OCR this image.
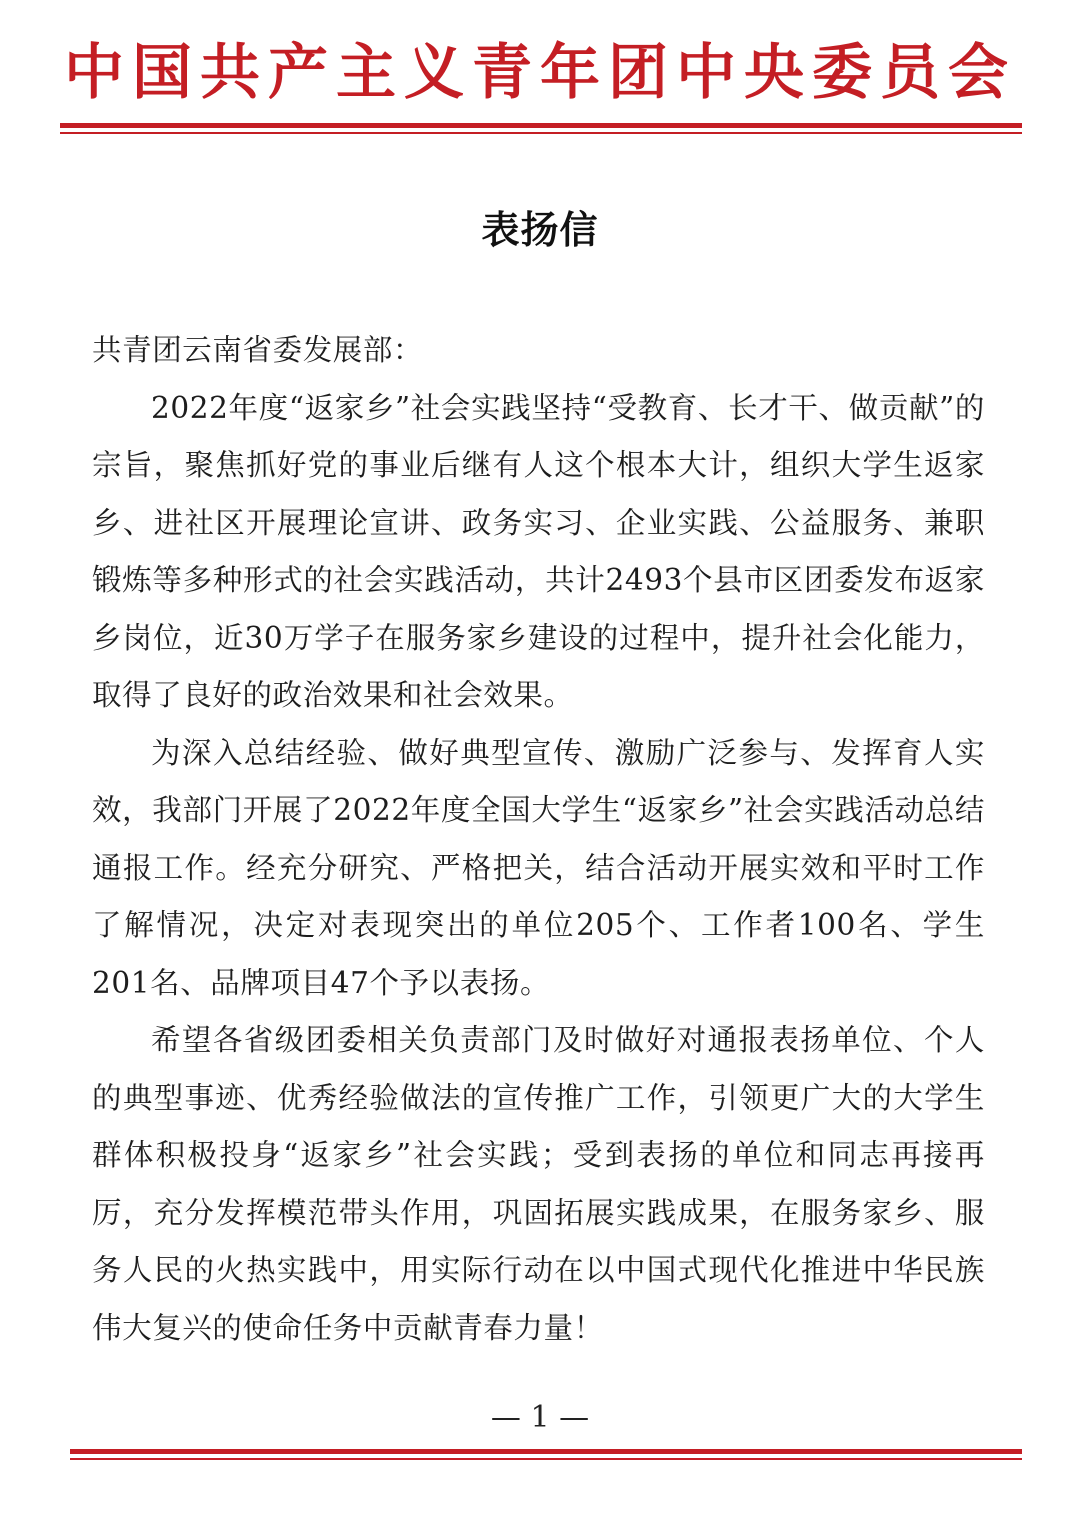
中国共产主义青年团中央委员会
表扬信

共青团云南省委发展部：

2022年度“返家乡”社会实践坚持“受教育、长才干、做贡献”的宗旨，聚焦抓好党的事业后继有人这个根本大计，组织大学生返家乡、进社区开展理论宣讲、政务实习、企业实践、公益服务、兼职锻炼等多种形式的社会实践活动，共计2493个县市区团委发布返家乡岗位，近30万学子在服务家乡建设的过程中，提升社会化能力，取得了良好的政治效果和社会效果。

为深入总结经验、做好典型宣传、激励广泛参与、发挥育人实效，我部门开展了2022年度全国大学生“返家乡”社会实践活动总结通报工作。经充分研究、严格把关，结合活动开展实效和平时工作了解情况，决定对表现突出的单位205个、工作者100名、学生201名、品牌项目47个予以表扬。

希望各省级团委相关负责部门及时做好对通报表扬单位、个人的典型事迹、优秀经验做法的宣传推广工作，引领更广大的大学生群体积极投身“返家乡”社会实践；受到表扬的单位和同志再接再厉，充分发挥模范带头作用，巩固拓展实践成果，在服务家乡、服务人民的火热实践中，用实际行动在以中国式现代化推进中华民族伟大复兴的使命任务中贡献青春力量！

— 1 —
